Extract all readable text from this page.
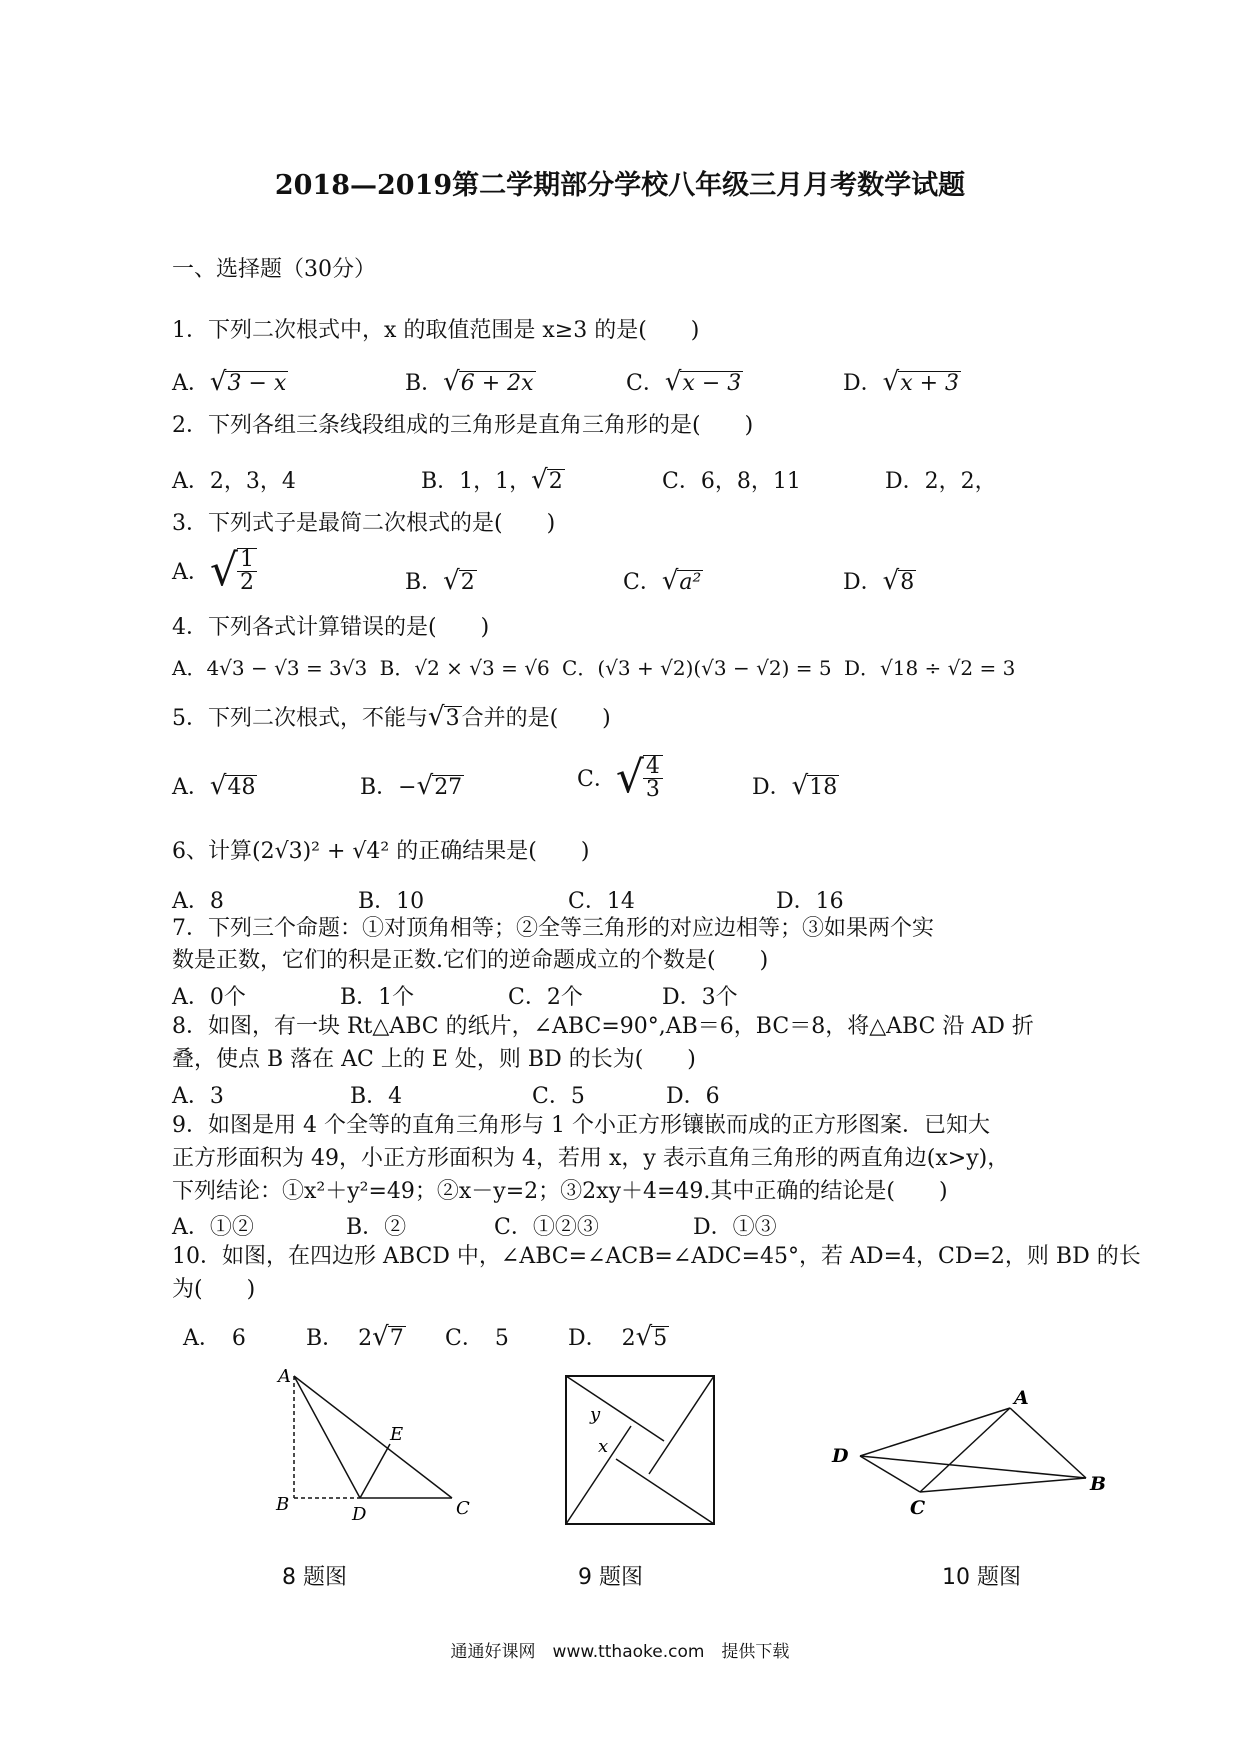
2018—2019第二学期部分学校八年级三月月考数学试题
一、选择题（30分）
1．下列二次根式中，x 的取值范围是 x≥3 的是(　　)
A．√3 − x	B．√6 + 2x	C．√x − 3	D．√x + 3
2．下列各组三条线段组成的三角形是直角三角形的是(　　)
A．2，3，4	B．1，1，√2	C．6，8，11	D．2，2，
3．下列式子是最简二次根式的是(　　)
A．√ $\frac{1}{2}$	B．√2	C．√a²	D．√8
4．下列各式计算错误的是(　　)
A．4√3 − √3 = 3√3 B．√2 × √3 = √6 C．(√3 + √2)(√3 − √2) = 5 D．√18 ÷ √2 = 3
5．下列二次根式，不能与√3合并的是(　　)
A．√48	B．−√27	C．√ $\frac{4}{3}$	D．√18
6、计算(2√3)² + √4² 的正确结果是(　　)
A．8	B．10	C．14	D．16
7．下列三个命题：①对顶角相等；②全等三角形的对应边相等；③如果两个实
数是正数，它们的积是正数.它们的逆命题成立的个数是(　　)
A．0个	B．1个	C．2个	D．3个
8．如图，有一块 Rt△ABC 的纸片，∠ABC=90°,AB＝6，BC＝8，将△ABC 沿 AD 折
叠，使点 B 落在 AC 上的 E 处，则 BD 的长为(　　)
A．3	B．4	C．5	D．6
9．如图是用 4 个全等的直角三角形与 1 个小正方形镶嵌而成的正方形图案．已知大
正方形面积为 49，小正方形面积为 4，若用 x，y 表示直角三角形的两直角边(x>y)，
下列结论：①x²＋y²=49；②x－y=2；③2xy＋4=49.其中正确的结论是(　　)
A．①②	B．②	C．①②③	D．①③
10．如图，在四边形 ABCD 中，∠ABC=∠ACB=∠ADC=45°，若 AD=4，CD=2，则 BD 的长
为(　　)
A．　6	B． 2√7 C．　5	D． 2√5
A
E
B	D	C
y
x
A
D
B
C
8 题图	9 题图	10 题图
通通好课网　www.tthaoke.com　提供下载
